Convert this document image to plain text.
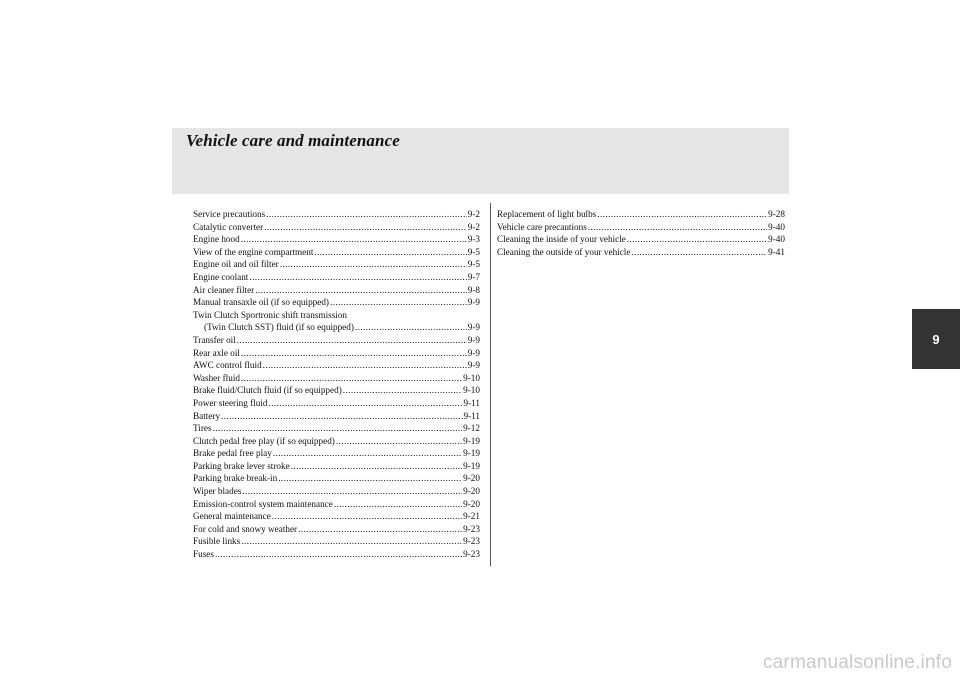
Vehicle care and maintenance
9
Service precautions .....	9-2
Catalytic converter .....	9-2
Engine hood .....	9-3
View of the engine compartment .....	9-5
Engine oil and oil filter .....	9-5
Engine coolant .....	9-7
Air cleaner filter .....	9-8
Manual transaxle oil (if so equipped) .....	9-9
Twin Clutch Sportronic shift transmission
(Twin Clutch SST) fluid (if so equipped) .....	9-9
Transfer oil .....	9-9
Rear axle oil .....	9-9
AWC control fluid .....	9-9
Washer fluid .....	9-10
Brake fluid/Clutch fluid (if so equipped) .....	9-10
Power steering fluid .....	9-11
Battery .....	9-11
Tires .....	9-12
Clutch pedal free play (if so equipped) .....	9-19
Brake pedal free play .....	9-19
Parking brake lever stroke .....	9-19
Parking brake break-in .....	9-20
Wiper blades .....	9-20
Emission-control system maintenance .....	9-20
General maintenance .....	9-21
For cold and snowy weather .....	9-23
Fusible links .....	9-23
Fuses .....	9-23
Replacement of light bulbs .....	9-28
Vehicle care precautions .....	9-40
Cleaning the inside of your vehicle .....	9-40
Cleaning the outside of your vehicle .....	9-41
carmanualsonline.info
